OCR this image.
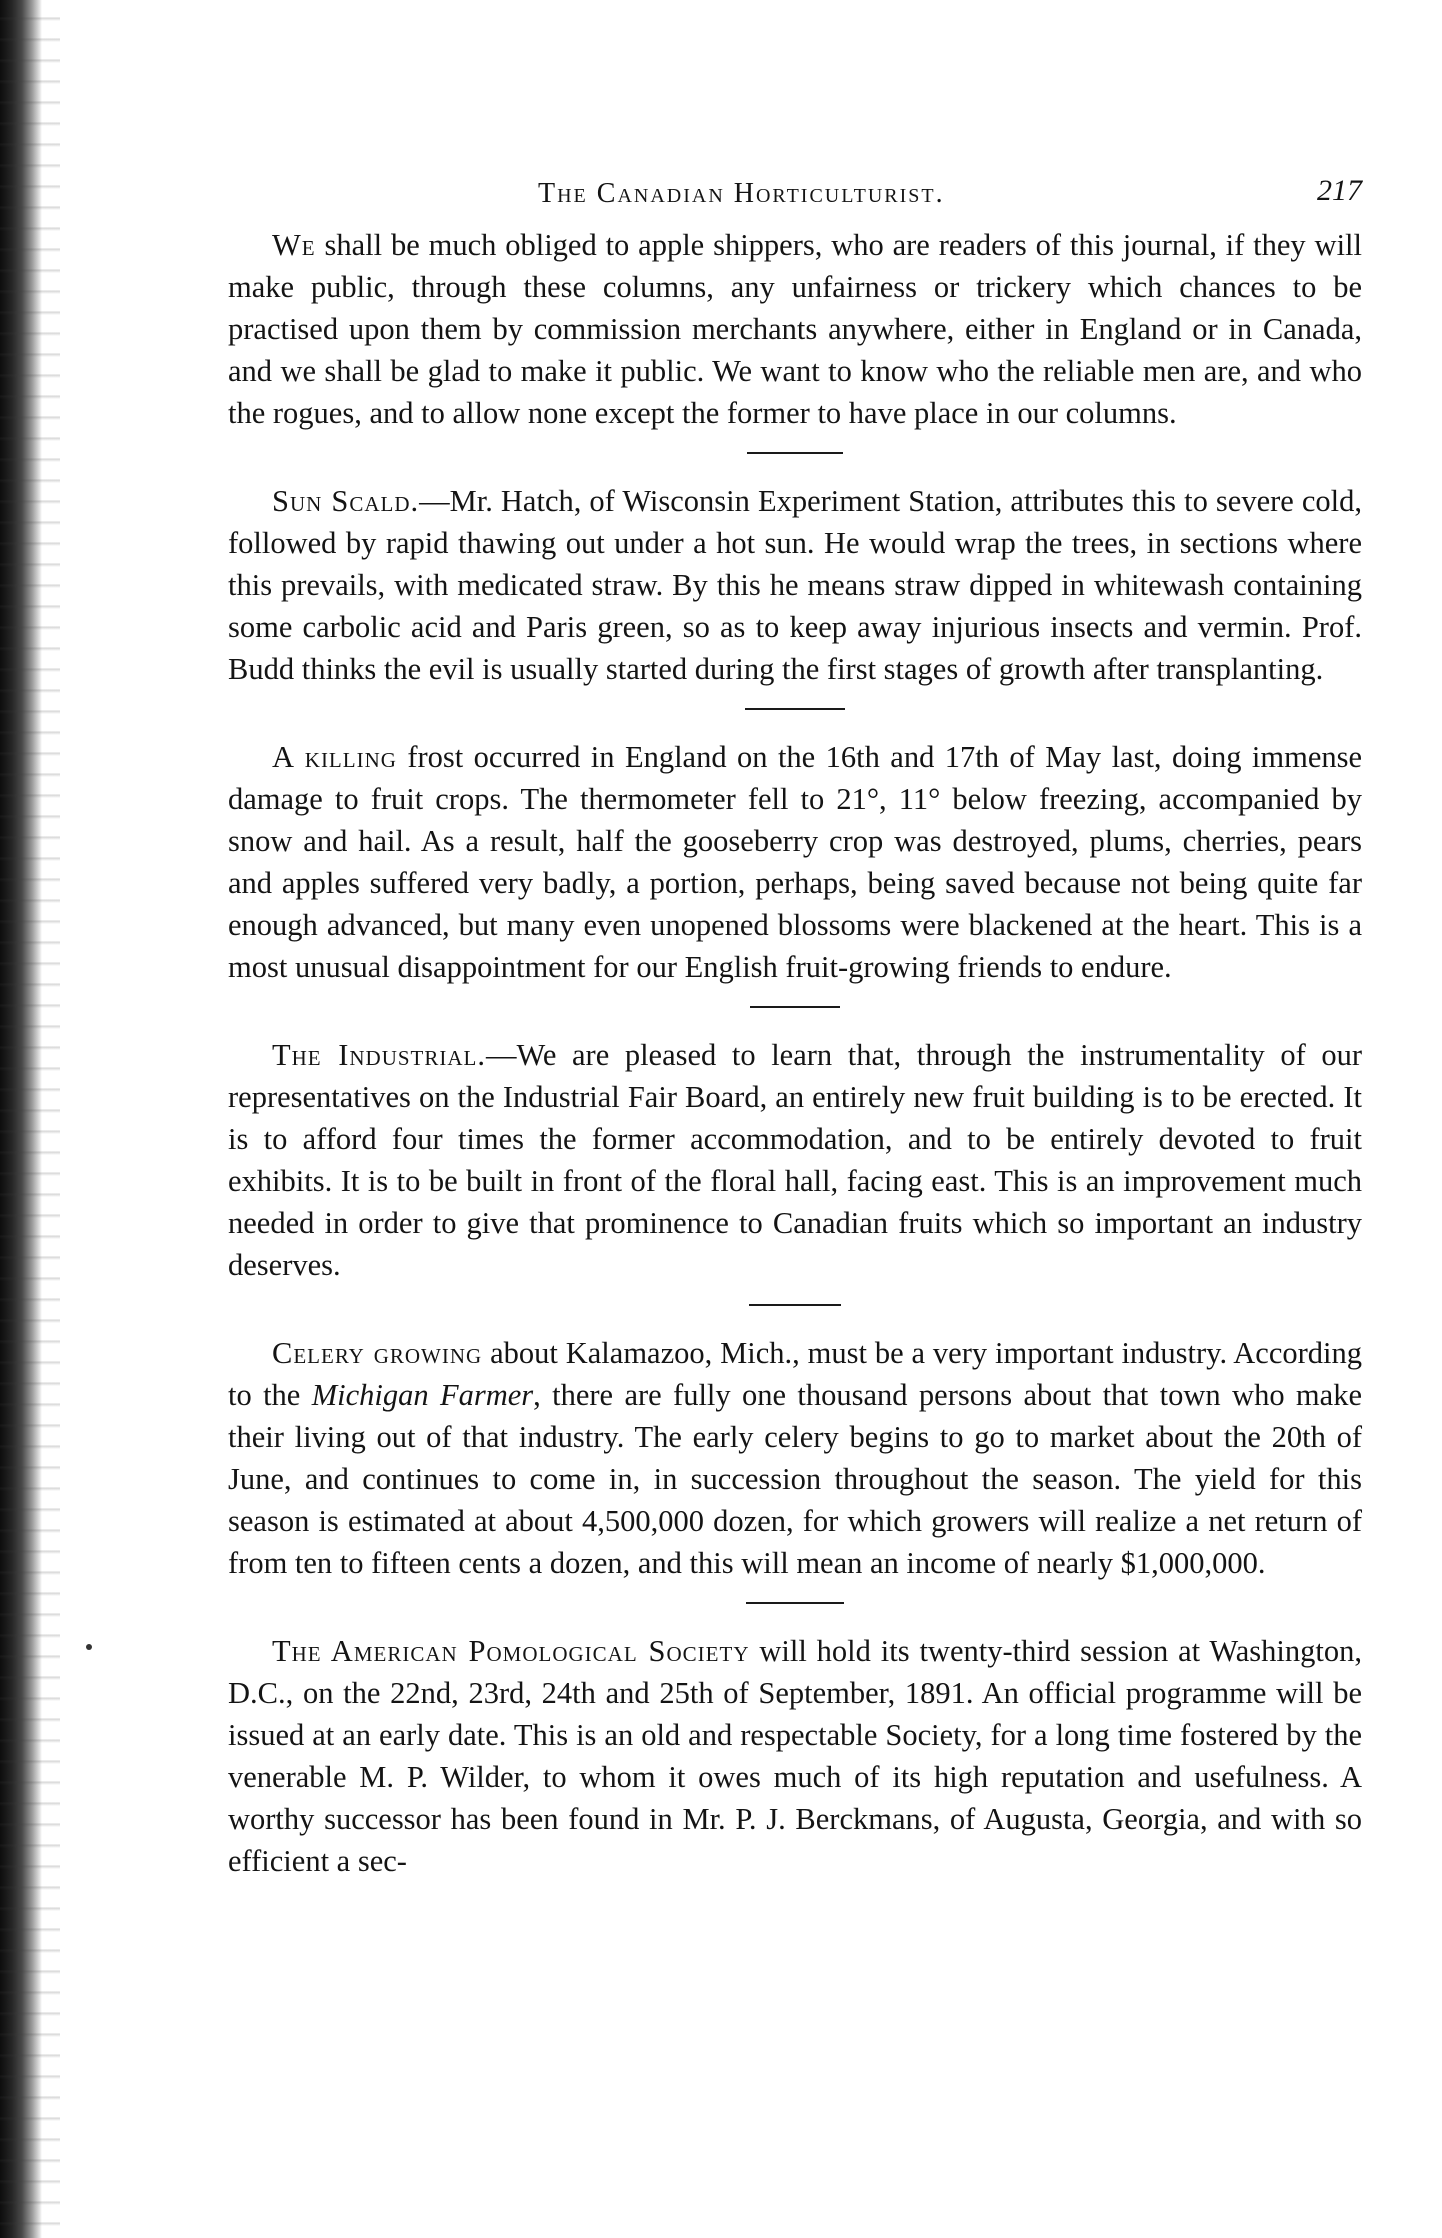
The Canadian Horticulturist.	217

We shall be much obliged to apple shippers, who are readers of this journal, if they will make public, through these columns, any unfairness or trickery which chances to be practised upon them by commission merchants anywhere, either in England or in Canada, and we shall be glad to make it public. We want to know who the reliable men are, and who the rogues, and to allow none except the former to have place in our columns.

Sun Scald.—Mr. Hatch, of Wisconsin Experiment Station, attributes this to severe cold, followed by rapid thawing out under a hot sun. He would wrap the trees, in sections where this prevails, with medicated straw. By this he means straw dipped in whitewash containing some carbolic acid and Paris green, so as to keep away injurious insects and vermin. Prof. Budd thinks the evil is usually started during the first stages of growth after transplanting.

A killing frost occurred in England on the 16th and 17th of May last, doing immense damage to fruit crops. The thermometer fell to 21°, 11° below freezing, accompanied by snow and hail. As a result, half the gooseberry crop was destroyed, plums, cherries, pears and apples suffered very badly, a portion, perhaps, being saved because not being quite far enough advanced, but many even unopened blossoms were blackened at the heart. This is a most unusual disappointment for our English fruit-growing friends to endure.

The Industrial.—We are pleased to learn that, through the instrumentality of our representatives on the Industrial Fair Board, an entirely new fruit building is to be erected. It is to afford four times the former accommodation, and to be entirely devoted to fruit exhibits. It is to be built in front of the floral hall, facing east. This is an improvement much needed in order to give that prominence to Canadian fruits which so important an industry deserves.

Celery growing about Kalamazoo, Mich., must be a very important industry. According to the Michigan Farmer, there are fully one thousand persons about that town who make their living out of that industry. The early celery begins to go to market about the 20th of June, and continues to come in, in succession throughout the season. The yield for this season is estimated at about 4,500,000 dozen, for which growers will realize a net return of from ten to fifteen cents a dozen, and this will mean an income of nearly $1,000,000.

The American Pomological Society will hold its twenty-third session at Washington, D.C., on the 22nd, 23rd, 24th and 25th of September, 1891. An official programme will be issued at an early date. This is an old and respectable Society, for a long time fostered by the venerable M. P. Wilder, to whom it owes much of its high reputation and usefulness. A worthy successor has been found in Mr. P. J. Berckmans, of Augusta, Georgia, and with so efficient a sec-
